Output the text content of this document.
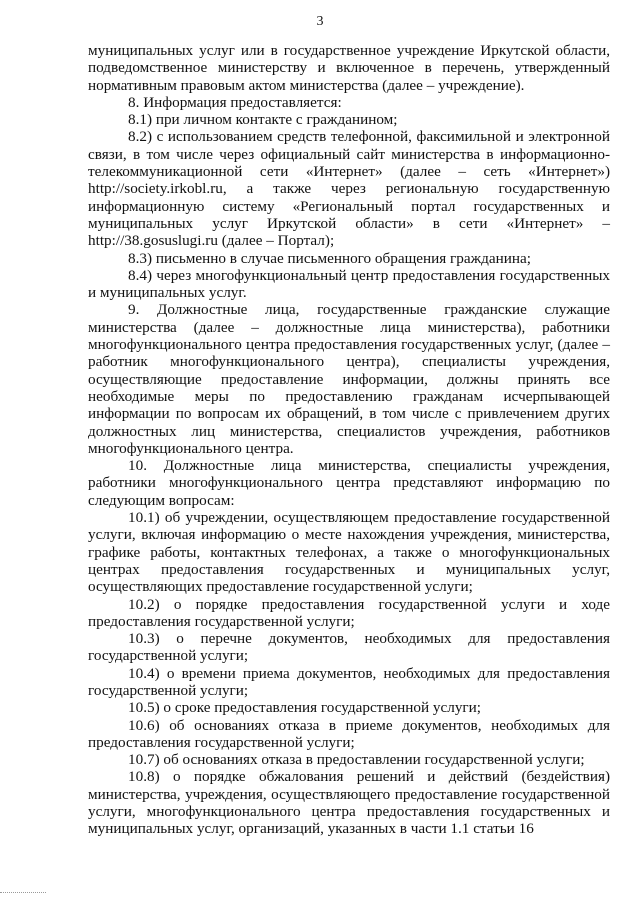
3

муниципальных услуг или в государственное учреждение Иркутской области, подведомственное министерству и включенное в перечень, утвержденный нормативным правовым актом министерства (далее – учреждение).

8. Информация предоставляется:

8.1) при личном контакте с гражданином;

8.2) с использованием средств телефонной, факсимильной и электронной связи, в том числе через официальный сайт министерства в информационно-телекоммуникационной сети «Интернет» (далее – сеть «Интернет») http://society.irkobl.ru, а также через региональную государственную информационную систему «Региональный портал государственных и муниципальных услуг Иркутской области» в сети «Интернет» – http://38.gosuslugi.ru (далее – Портал);

8.3) письменно в случае письменного обращения гражданина;

8.4) через многофункциональный центр предоставления государственных и муниципальных услуг.

9. Должностные лица, государственные гражданские служащие министерства (далее – должностные лица министерства), работники многофункционального центра предоставления государственных услуг, (далее – работник многофункционального центра), специалисты учреждения, осуществляющие предоставление информации, должны принять все необходимые меры по предоставлению гражданам исчерпывающей информации по вопросам их обращений, в том числе с привлечением других должностных лиц министерства, специалистов учреждения, работников многофункционального центра.

10. Должностные лица министерства, специалисты учреждения, работники многофункционального центра представляют информацию по следующим вопросам:

10.1) об учреждении, осуществляющем предоставление государственной услуги, включая информацию о месте нахождения учреждения, министерства, графике работы, контактных телефонах, а также о многофункциональных центрах предоставления государственных и муниципальных услуг, осуществляющих предоставление государственной услуги;

10.2) о порядке предоставления государственной услуги и ходе предоставления государственной услуги;

10.3) о перечне документов, необходимых для предоставления государственной услуги;

10.4) о времени приема документов, необходимых для предоставления государственной услуги;

10.5) о сроке предоставления государственной услуги;

10.6) об основаниях отказа в приеме документов, необходимых для предоставления государственной услуги;

10.7) об основаниях отказа в предоставлении государственной услуги;

10.8) о порядке обжалования решений и действий (бездействия) министерства, учреждения, осуществляющего предоставление государственной услуги, многофункционального центра предоставления государственных и муниципальных услуг, организаций, указанных в части 1.1 статьи 16
